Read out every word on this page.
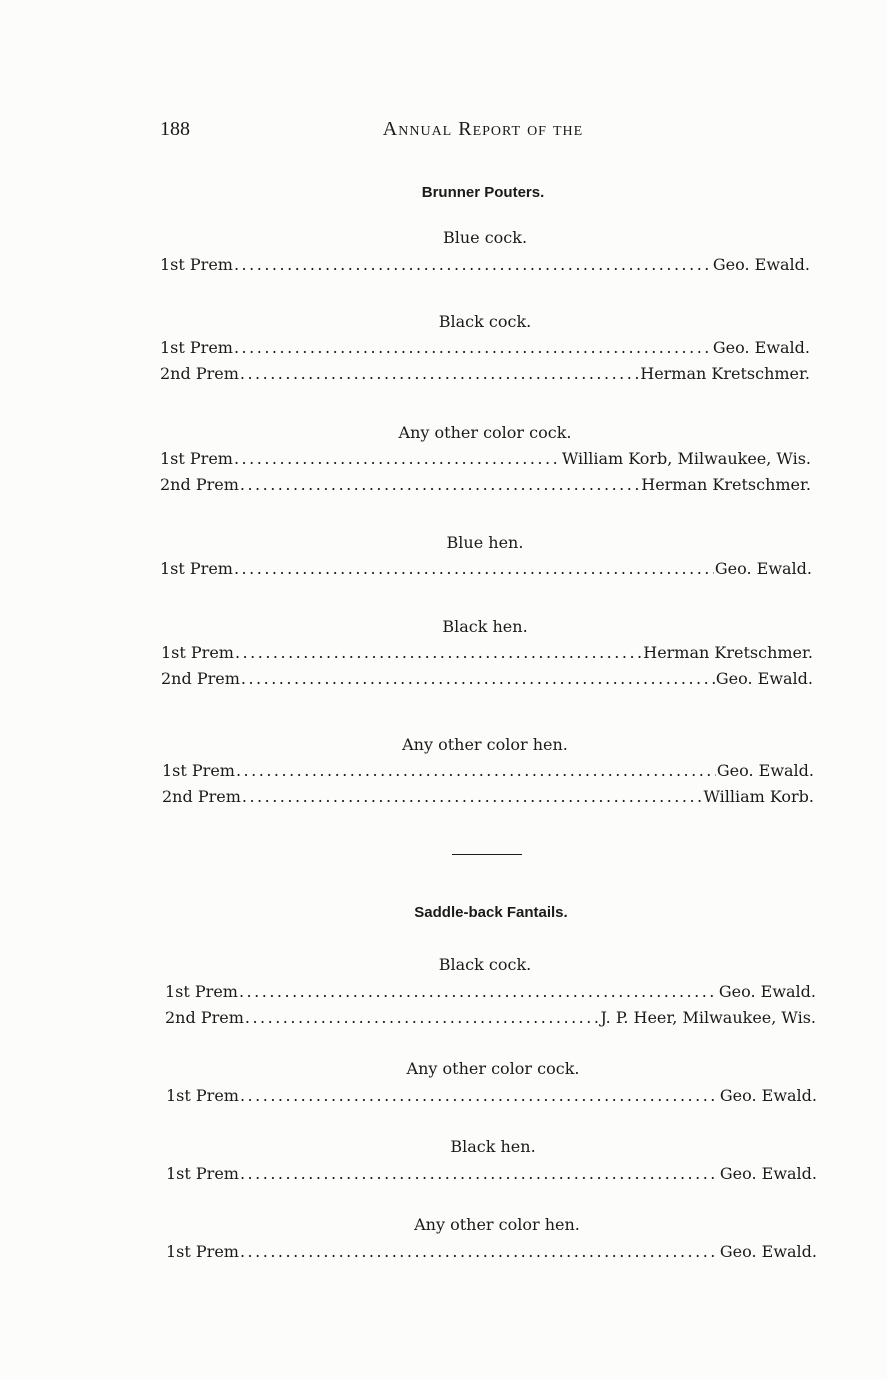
188	Annual Report of the
Brunner Pouters.
Blue cock.
1st Prem .....	Geo. Ewald.
Black cock.
1st Prem .....	Geo. Ewald.
2nd Prem .....	Herman Kretschmer.
Any other color cock.
1st Prem .....	William Korb, Milwaukee, Wis.
2nd Prem .....	Herman Kretschmer.
Blue hen.
1st Prem .....	Geo. Ewald.
Black hen.
1st Prem .....	Herman Kretschmer.
2nd Prem .....	Geo. Ewald.
Any other color hen.
1st Prem .....	Geo. Ewald.
2nd Prem .....	William Korb.
Saddle-back Fantails.
Black cock.
1st Prem .....	Geo. Ewald.
2nd Prem .....	J. P. Heer, Milwaukee, Wis.
Any other color cock.
1st Prem .....	Geo. Ewald.
Black hen.
1st Prem .....	Geo. Ewald.
Any other color hen.
1st Prem .....	Geo. Ewald.
